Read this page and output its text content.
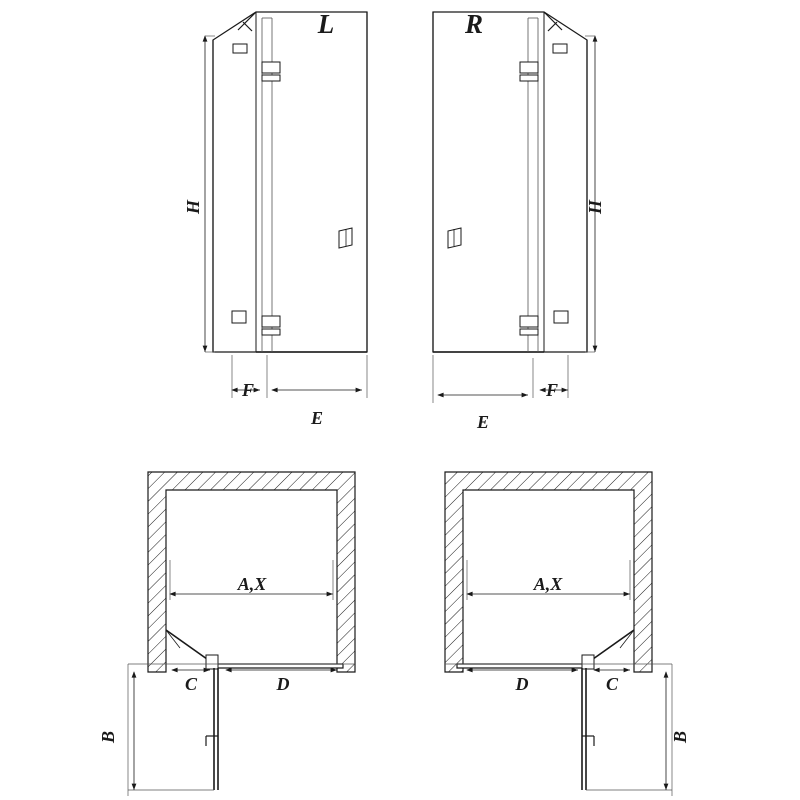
L
H
F
E
R
H
E
F
A,X
C	D
B
A,X
D	C
B
